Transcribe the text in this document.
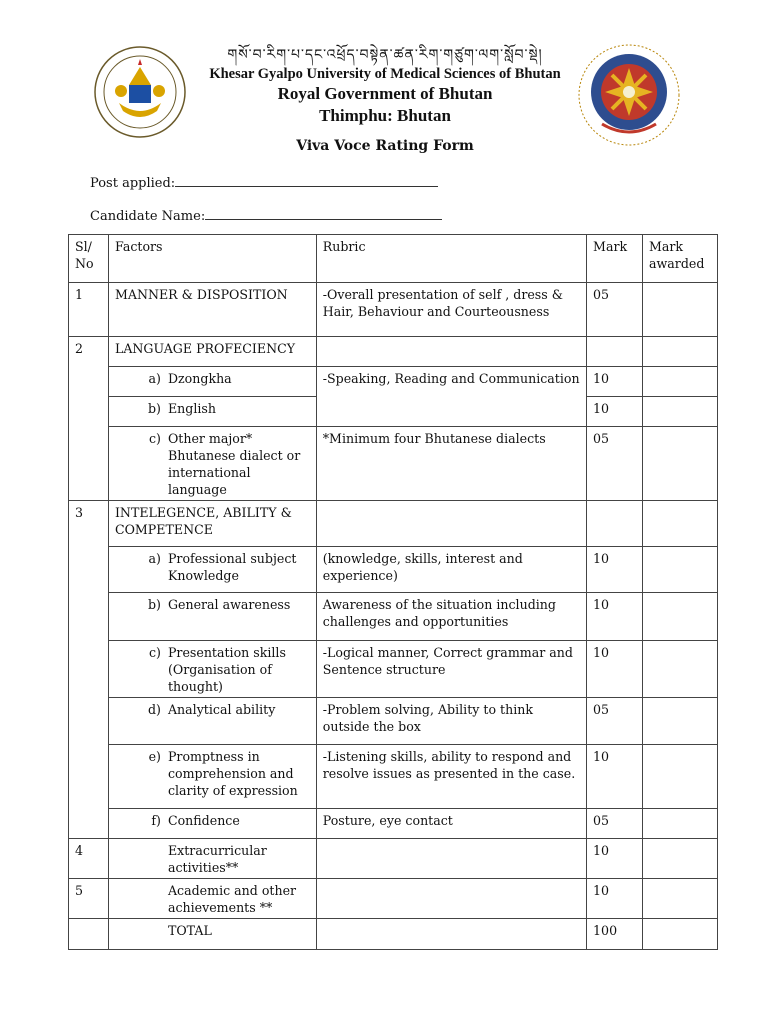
གསོ་བ་རིག་པ་དང་འཕྲོད་བསྟེན་ཚན་རིག་གཙུག་ལག་སློབ་སྡེ།
Khesar Gyalpo University of Medical Sciences of Bhutan
Royal Government of Bhutan
Thimphu: Bhutan
Viva Voce Rating Form
Post applied:
Candidate Name:
Sl/ No	Factors	Rubric	Mark	Mark awarded
1	MANNER & DISPOSITION	-Overall presentation of self , dress & Hair, Behaviour and Courteousness	05	
2	LANGUAGE PROFECIENCY			

	a) Dzongkha	-Speaking, Reading and Communication	10	

	b) English		10	

	c) Other major* Bhutanese dialect or international language	*Minimum four Bhutanese dialects	05	
3	INTELEGENCE, ABILITY & COMPETENCE			

	a) Professional subject Knowledge	(knowledge, skills, interest and experience)	10	

	b) General awareness	Awareness of the situation including challenges and opportunities	10	

	c) Presentation skills (Organisation of thought)	-Logical manner, Correct grammar and Sentence structure	10	

	d) Analytical ability	-Problem solving, Ability to think outside the box	05	

	e) Promptness in comprehension and clarity of expression	-Listening skills, ability to respond and resolve issues as presented in the case.	10	

	f) Confidence	Posture, eye contact	05	
4	Extracurricular activities**		10	
5	Academic and other achievements **		10	

	TOTAL		100	
